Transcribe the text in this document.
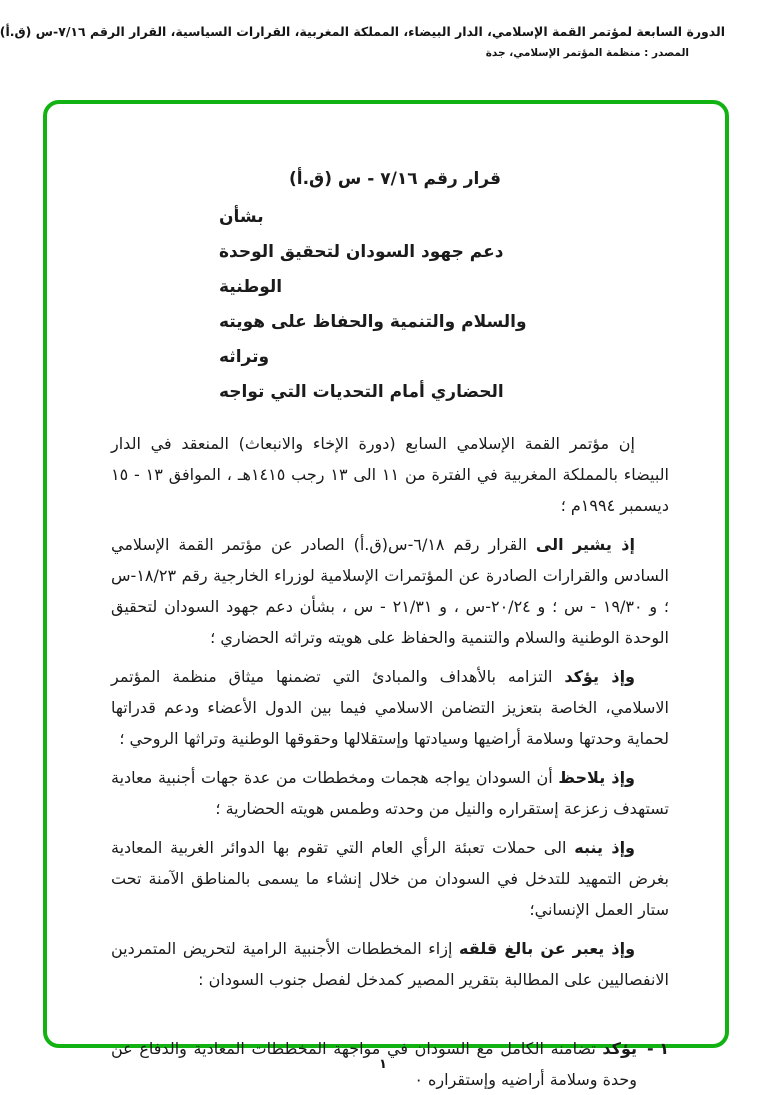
الدورة السابعة لمؤتمر القمة الإسلامي، الدار البيضاء، المملكة المغربية، القرارات السياسية، القرار الرقم ٧/١٦-س (ق.أ)
المصدر : منظمة المؤتمر الإسلامي، جدة
قرار رقم ٧/١٦ - س (ق.أ)
بشأن
دعم جهود السودان لتحقيق الوحدة الوطنية
والسلام والتنمية والحفاظ على هويته وتراثه
الحضاري أمام التحديات التي تواجه

إن مؤتمر القمة الإسلامي السابع (دورة الإخاء والانبعاث) المنعقد في الدار البيضاء بالمملكة المغربية في الفترة من ١١ الى ١٣ رجب ١٤١٥هـ ، الموافق ١٣ - ١٥ ديسمبر ١٩٩٤م ؛

إذ يشير الى القرار رقم ٦/١٨-س(ق.أ) الصادر عن مؤتمر القمة الإسلامي السادس والقرارات الصادرة عن المؤتمرات الإسلامية لوزراء الخارجية رقم ١٨/٢٣-س ؛ و ١٩/٣٠ - س ؛ و ٢٠/٢٤-س ، و ٢١/٣١ - س ، بشأن دعم جهود السودان لتحقيق الوحدة الوطنية والسلام والتنمية والحفاظ على هويته وتراثه الحضاري ؛

وإذ يؤكد التزامه بالأهداف والمبادئ التي تضمنها ميثاق منظمة المؤتمر الاسلامي، الخاصة بتعزيز التضامن الاسلامي فيما بين الدول الأعضاء ودعم قدراتها لحماية وحدتها وسلامة أراضيها وسيادتها وإستقلالها وحقوقها الوطنية وتراثها الروحي ؛

وإذ يلاحظ أن السودان يواجه هجمات ومخططات من عدة جهات أجنبية معادية تستهدف زعزعة إستقراره والنيل من وحدته وطمس هويته الحضارية ؛

وإذ ينبه الى حملات تعبئة الرأي العام التي تقوم بها الدوائر الغربية المعادية بغرض التمهيد للتدخل في السودان من خلال إنشاء ما يسمى بالمناطق الآمنة تحت ستار العمل الإنساني؛

وإذ يعبر عن بالغ قلقه إزاء المخططات الأجنبية الرامية لتحريض المتمردين الانفصاليين على المطالبة بتقرير المصير كمدخل لفصل جنوب السودان :

١ -
يؤكد تضامنه الكامل مع السودان في مواجهة المخططات المعادية والدفاع عن وحدة وسلامة أراضيه وإستقراره ٠
١
